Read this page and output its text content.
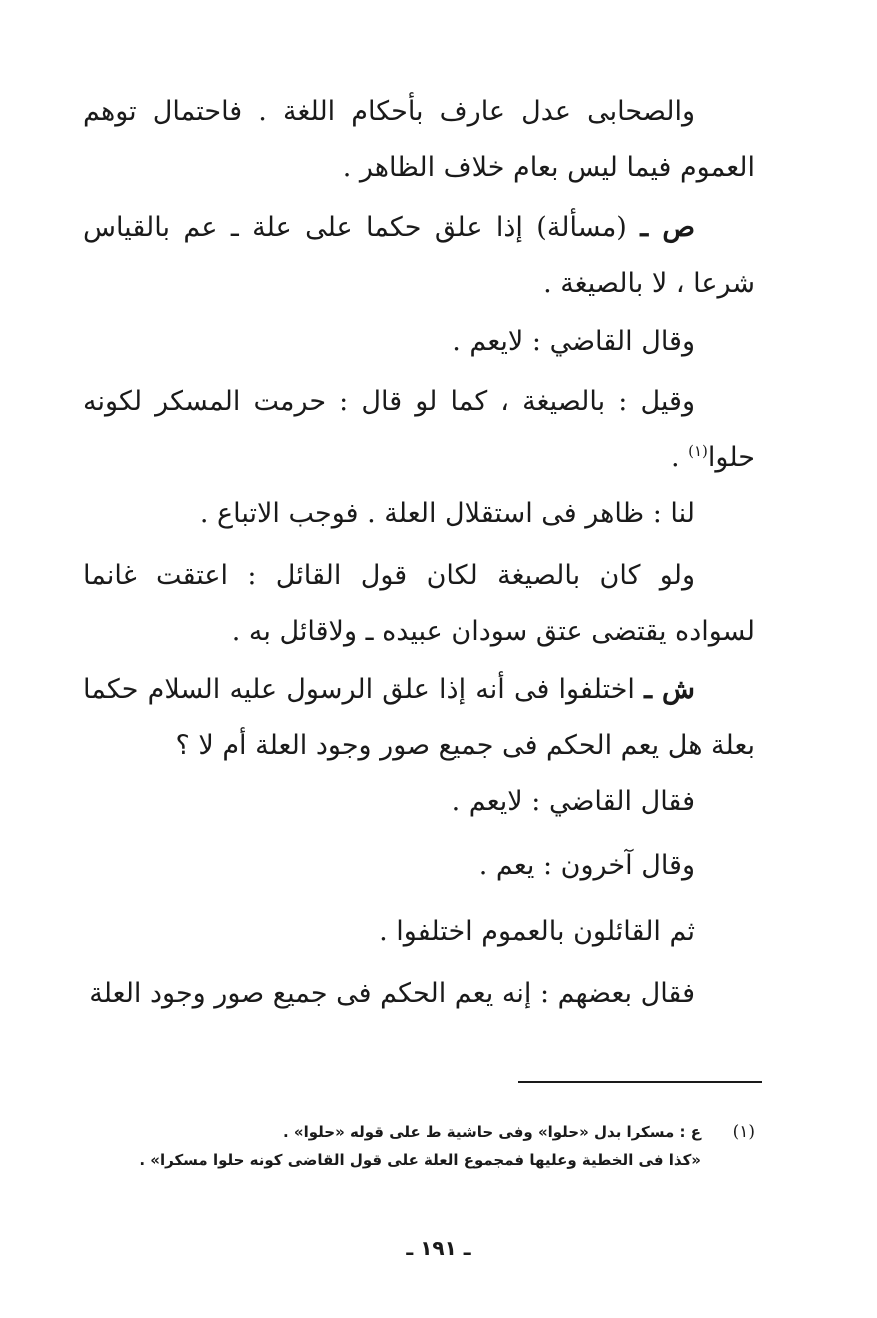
والصحابى عدل عارف بأحكام اللغة . فاحتمال توهم العموم فيما ليس بعام خلاف الظاهر .

ص ـ (مسألة) إذا علق حكما على علة ـ عم بالقياس شرعا ، لا بالصيغة .

وقال القاضي : لايعم .

وقيل : بالصيغة ، كما لو قال : حرمت المسكر لكونه حلوا$^{(١)}$ .

لنا : ظاهر فى استقلال العلة . فوجب الاتباع .

ولو كان بالصيغة لكان قول القائل : اعتقت غانما لسواده يقتضى عتق سودان عبيده ـ ولاقائل به .

ش ـ اختلفوا فى أنه إذا علق الرسول عليه السلام حكما بعلة هل يعم الحكم فى جميع صور وجود العلة أم لا ؟

فقال القاضي : لايعم .

وقال آخرون : يعم .

ثم القائلون بالعموم اختلفوا .

فقال بعضهم : إنه يعم الحكم فى جميع صور وجود العلة

(١)ع : مسكرا بدل «حلوا» وفى حاشية ط على قوله «حلوا» .
«كذا فى الخطية وعليها فمجموع العلة على قول القاضى كونه حلوا مسكرا» .
ـ ١٩١ ـ
